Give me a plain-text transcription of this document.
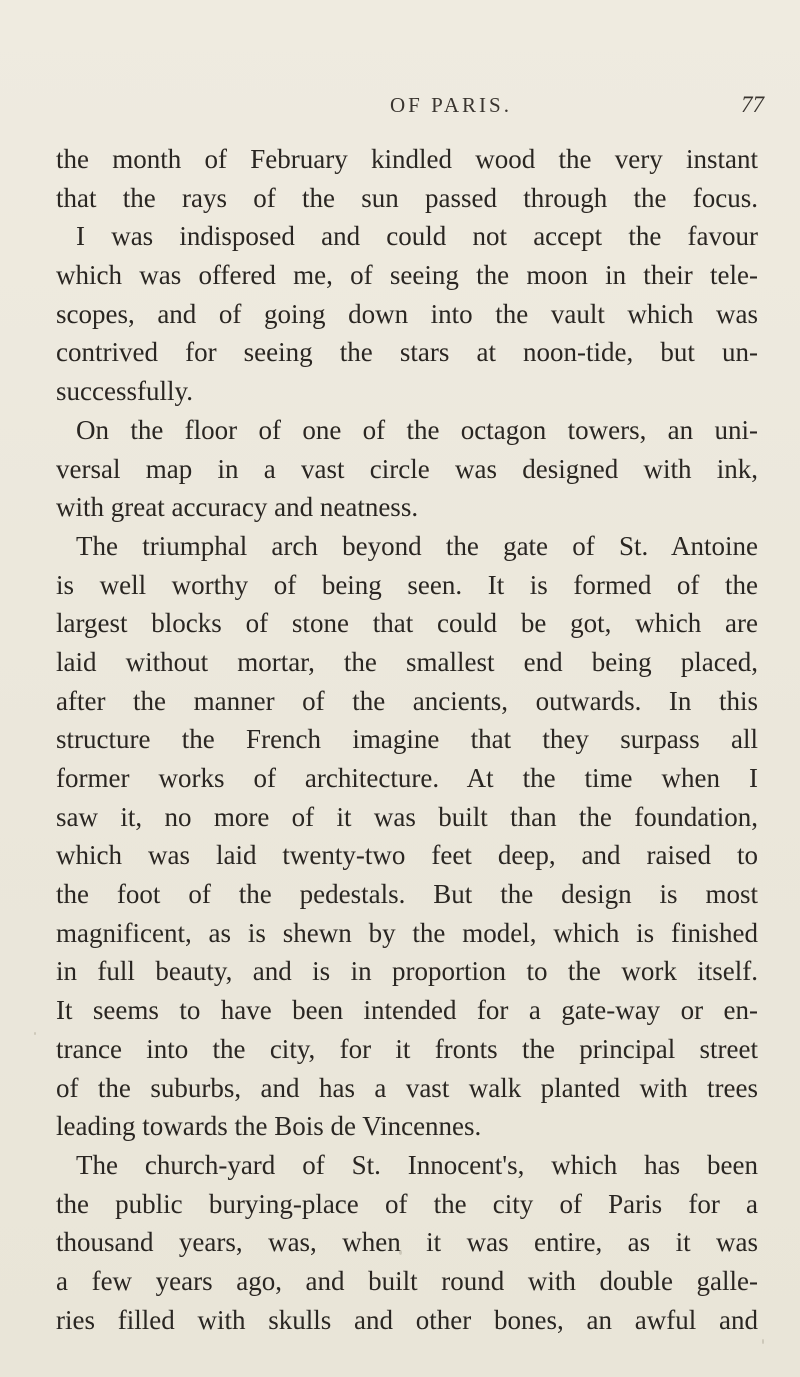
OF PARIS.	77
the month of February kindled wood the very instant
that the rays of the sun passed through the focus.
I was indisposed and could not accept the favour
which was offered me, of seeing the moon in their tele-
scopes, and of going down into the vault which was
contrived for seeing the stars at noon-tide, but un-
successfully.
On the floor of one of the octagon towers, an uni-
versal map in a vast circle was designed with ink,
with great accuracy and neatness.
The triumphal arch beyond the gate of St. Antoine
is well worthy of being seen. It is formed of the
largest blocks of stone that could be got, which are
laid without mortar, the smallest end being placed,
after the manner of the ancients, outwards. In this
structure the French imagine that they surpass all
former works of architecture. At the time when I
saw it, no more of it was built than the foundation,
which was laid twenty-two feet deep, and raised to
the foot of the pedestals. But the design is most
magnificent, as is shewn by the model, which is finished
in full beauty, and is in proportion to the work itself.
It seems to have been intended for a gate-way or en-
trance into the city, for it fronts the principal street
of the suburbs, and has a vast walk planted with trees
leading towards the Bois de Vincennes.
The church-yard of St. Innocent's, which has been
the public burying-place of the city of Paris for a
thousand years, was, when it was entire, as it was
a few years ago, and built round with double galle-
ries filled with skulls and other bones, an awful and
